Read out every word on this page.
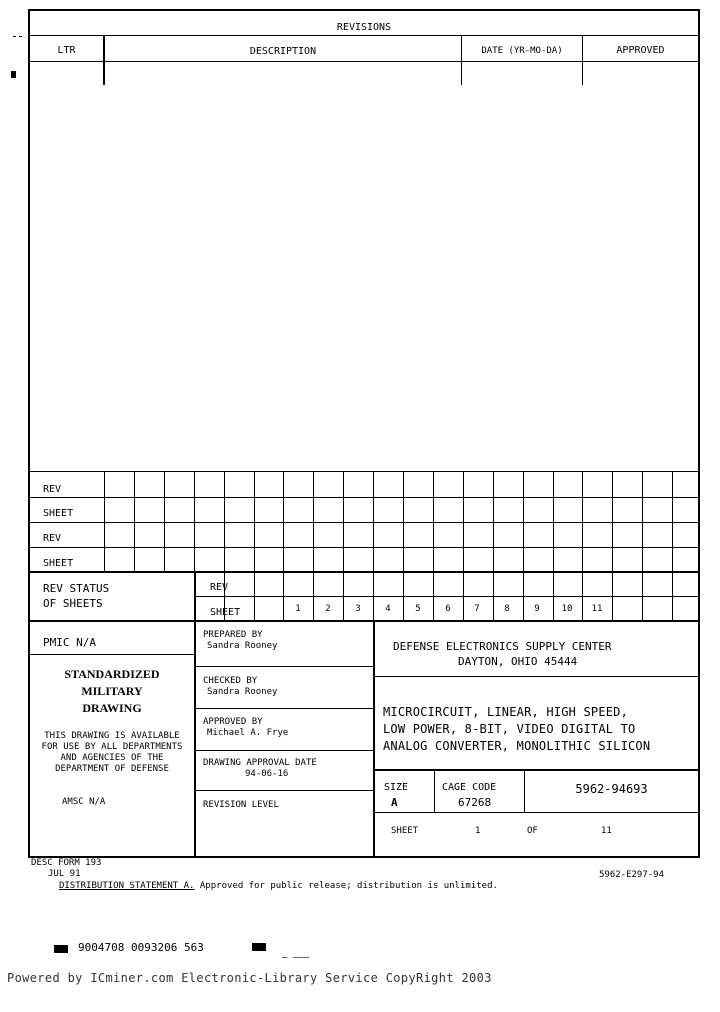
REVISIONS
LTR	DESCRIPTION	DATE (YR-MO-DA)	APPROVED
REV
SHEET
REV
SHEET
REV STATUS
OF SHEETS
REV
SHEET	1	2	3	4	5	6	7	8	9	10	11
PMIC N/A
STANDARDIZED
MILITARY
DRAWING
THIS DRAWING IS AVAILABLE
FOR USE BY ALL DEPARTMENTS
AND AGENCIES OF THE
DEPARTMENT OF DEFENSE
AMSC N/A
PREPARED BY
Sandra Rooney
CHECKED BY
Sandra Rooney
APPROVED BY
Michael A. Frye
DRAWING APPROVAL DATE
94-06-16
REVISION LEVEL
DEFENSE ELECTRONICS SUPPLY CENTER
DAYTON, OHIO 45444
MICROCIRCUIT, LINEAR, HIGH SPEED,
LOW POWER, 8-BIT, VIDEO DIGITAL TO
ANALOG CONVERTER, MONOLITHIC SILICON
SIZE
A
CAGE CODE
67268
5962-94693
SHEET	1	OF	11
DESC FORM 193
JUL 91
DISTRIBUTION STATEMENT A. Approved for public release; distribution is unlimited.
5962-E297-94
9004708 0093206 563
— ———
Powered by ICminer.com Electronic-Library Service CopyRight 2003
